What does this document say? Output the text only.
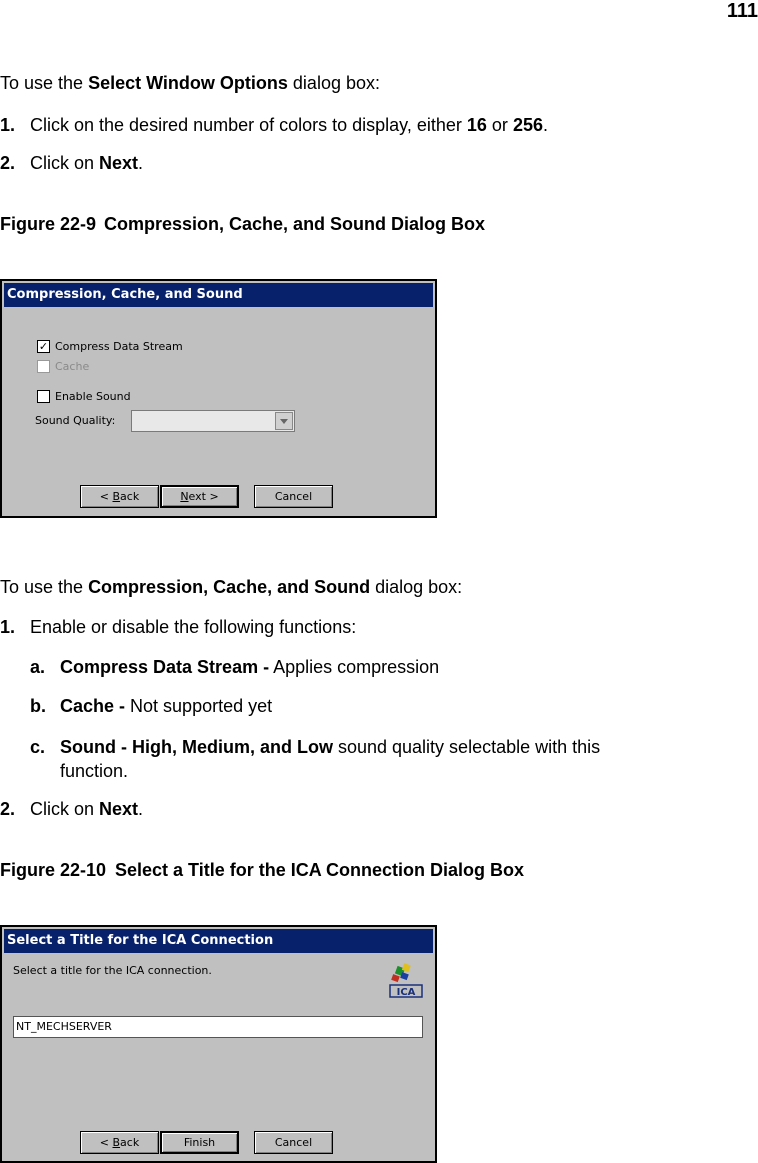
111
To use the Select Window Options dialog box:
1. Click on the desired number of colors to display, either 16 or 256.
2. Click on Next.
Figure 22-9 Compression, Cache, and Sound Dialog Box
Compression, Cache, and Sound
✓ Compress Data Stream
Cache
Enable Sound
Sound Quality:
< Back	Next >	Cancel
To use the Compression, Cache, and Sound dialog box:
1. Enable or disable the following functions:
a. Compress Data Stream - Applies compression
b. Cache - Not supported yet
c. Sound - High, Medium, and Low sound quality selectable with this
function.
2. Click on Next.
Figure 22-10 Select a Title for the ICA Connection Dialog Box
Select a Title for the ICA Connection
Select a title for the ICA connection.
ICA
NT_MECHSERVER
< Back	Finish	Cancel
